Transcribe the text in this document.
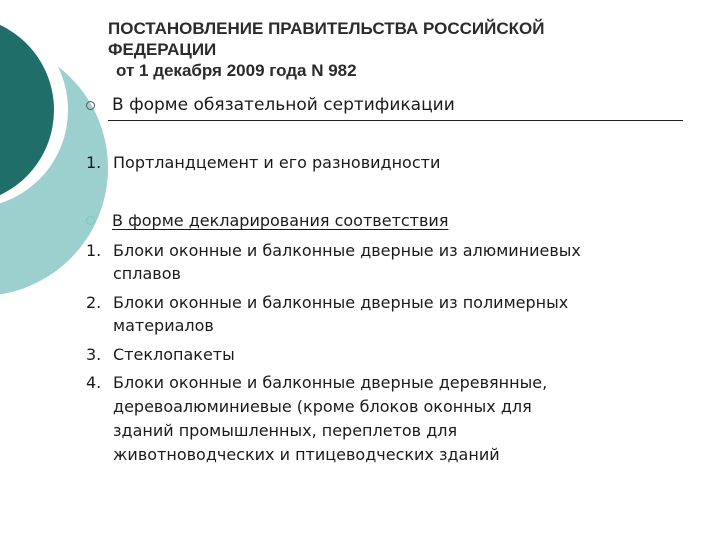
ПОСТАНОВЛЕНИЕ ПРАВИТЕЛЬСТВА РОССИЙСКОЙ
ФЕДЕРАЦИИ
от 1 декабря 2009 года N 982
В форме обязательной сертификации
1. Портландцемент и его разновидности
В форме декларирования соответствия
1. Блоки оконные и балконные дверные из алюминиевых
сплавов
2. Блоки оконные и балконные дверные из полимерных
материалов
3. Стеклопакеты
4. Блоки оконные и балконные дверные деревянные,
деревоалюминиевые (кроме блоков оконных для
зданий промышленных, переплетов для
животноводческих и птицеводческих зданий
